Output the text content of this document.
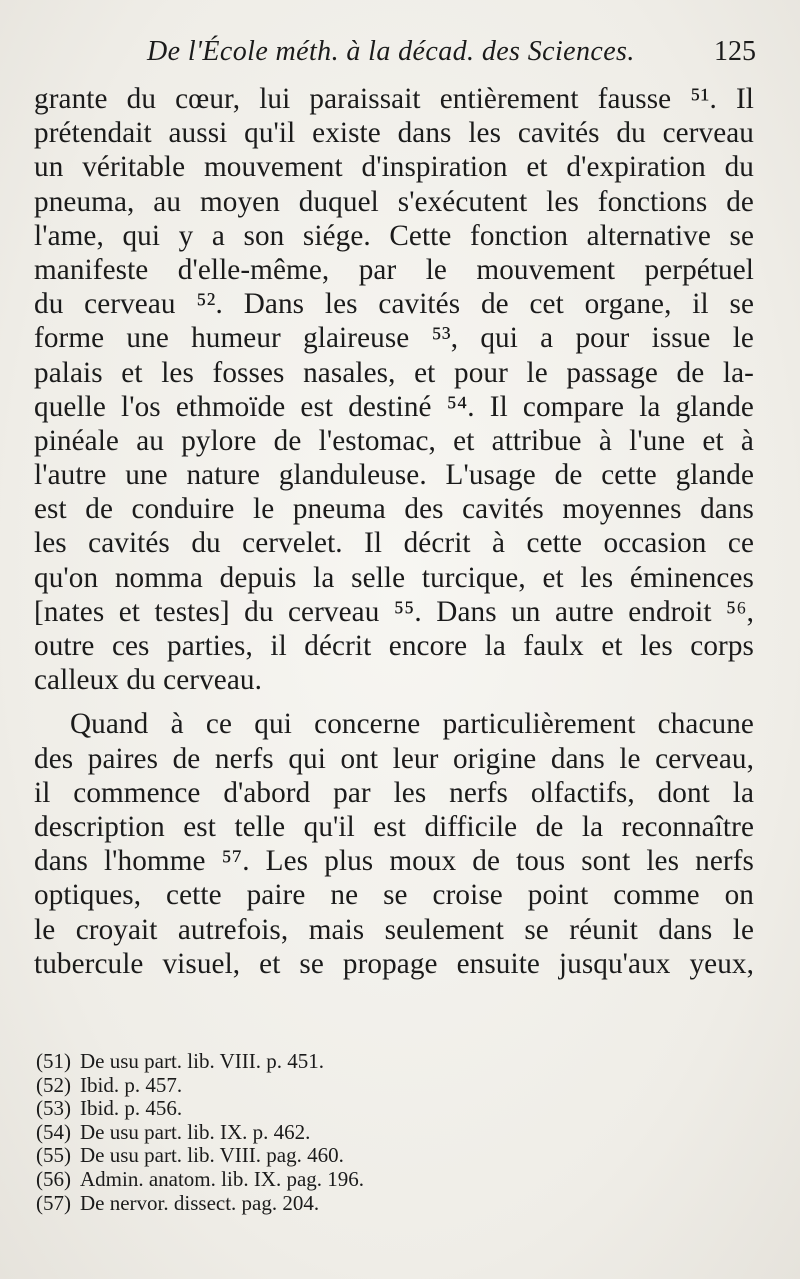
De l'École méth. à la décad. des Sciences.	125
grante du cœur, lui paraissait entièrement fausse ⁵¹. Il
prétendait aussi qu'il existe dans les cavités du cerveau
un véritable mouvement d'inspiration et d'expiration du
pneuma, au moyen duquel s'exécutent les fonctions de
l'ame, qui y a son siége. Cette fonction alternative se
manifeste d'elle-même, par le mouvement perpétuel
du cerveau ⁵². Dans les cavités de cet organe, il se
forme une humeur glaireuse ⁵³, qui a pour issue le
palais et les fosses nasales, et pour le passage de la-
quelle l'os ethmoïde est destiné ⁵⁴. Il compare la glande
pinéale au pylore de l'estomac, et attribue à l'une et à
l'autre une nature glanduleuse. L'usage de cette glande
est de conduire le pneuma des cavités moyennes dans
les cavités du cervelet. Il décrit à cette occasion ce
qu'on nomma depuis la selle turcique, et les éminences
[nates et testes] du cerveau ⁵⁵. Dans un autre endroit ⁵⁶,
outre ces parties, il décrit encore la faulx et les corps
calleux du cerveau.
Quand à ce qui concerne particulièrement chacune
des paires de nerfs qui ont leur origine dans le cerveau,
il commence d'abord par les nerfs olfactifs, dont la
description est telle qu'il est difficile de la reconnaître
dans l'homme ⁵⁷. Les plus moux de tous sont les nerfs
optiques, cette paire ne se croise point comme on
le croyait autrefois, mais seulement se réunit dans le
tubercule visuel, et se propage ensuite jusqu'aux yeux,
(51) De usu part. lib. VIII. p. 451.
(52) Ibid. p. 457.
(53) Ibid. p. 456.
(54) De usu part. lib. IX. p. 462.
(55) De usu part. lib. VIII. pag. 460.
(56) Admin. anatom. lib. IX. pag. 196.
(57) De nervor. dissect. pag. 204.
